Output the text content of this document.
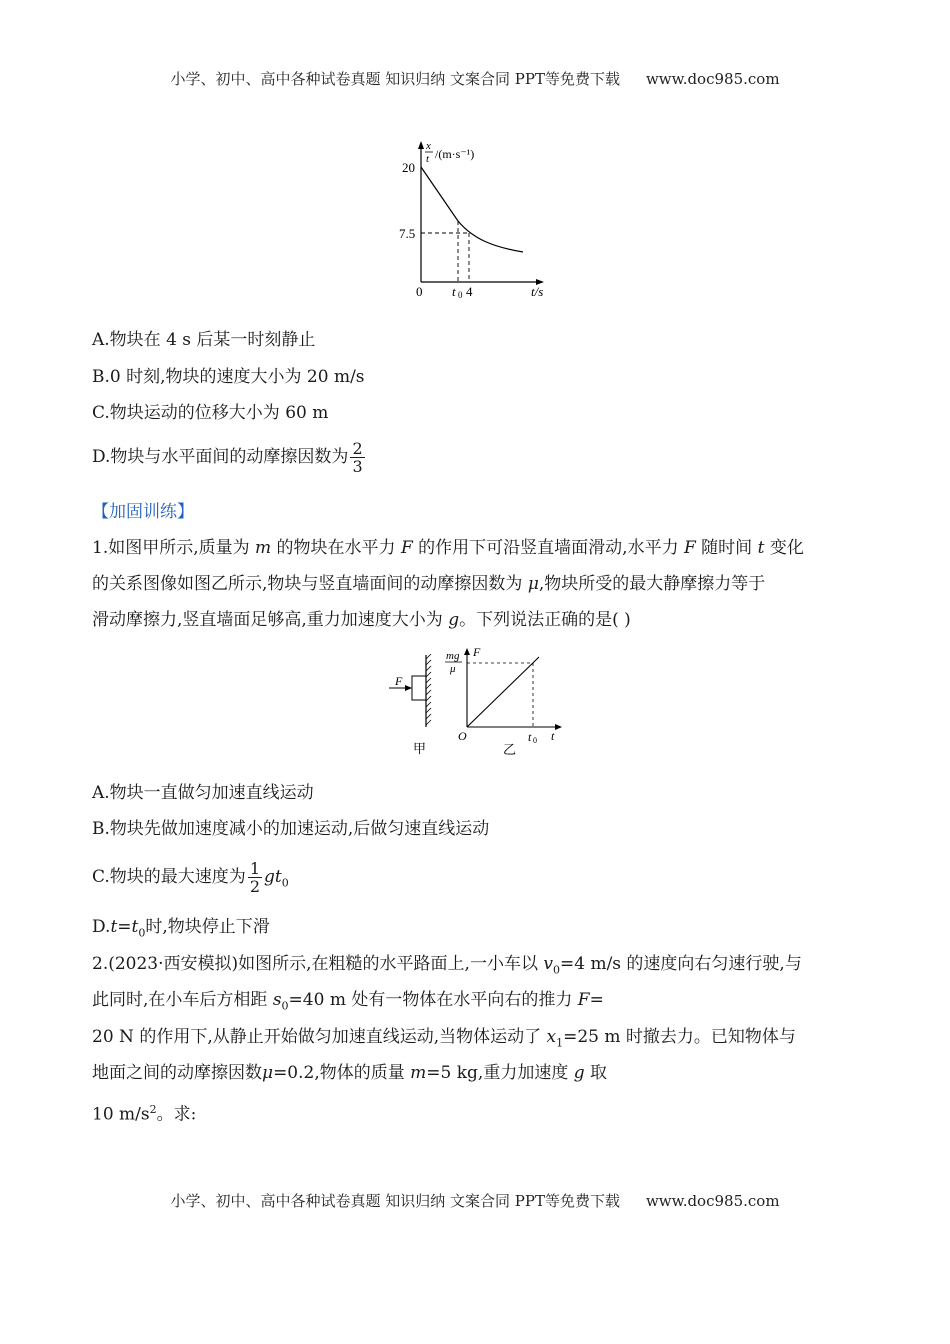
小学、初中、高中各种试卷真题 知识归纳 文案合同 PPT等免费下载 www.doc985.com
x
t /(m·s⁻¹)
20
7.5
0 t 0 4	t/s
A.物块在 4 s 后某一时刻静止
B.0 时刻,物块的速度大小为 20 m/s
C.物块运动的位移大小为 60 m
D.物块与水平面间的动摩擦因数为 $\frac{2}{3}$
【加固训练】
1.如图甲所示,质量为 m 的物块在水平力 F 的作用下可沿竖直墙面滑动,水平力 F 随时间 t 变化
的关系图像如图乙所示,物块与竖直墙面间的动摩擦因数为 μ,物块所受的最大静摩擦力等于
滑动摩擦力,竖直墙面足够高,重力加速度大小为 g。下列说法正确的是( )
F
甲
mg
μ
F
O	t 0 t
乙
A.物块一直做匀加速直线运动
B.物块先做加速度减小的加速运动,后做匀速直线运动
C.物块的最大速度为 $\frac{1}{2} gt_0$
$D.t=t_0$时,物块停止下滑
2.(2023·西安模拟)如图所示,在粗糙的水平路面上,一小车以 $v_0=4$ m/s 的速度向右匀速行驶,与
此同时,在小车后方相距 $s_0=40$ m 处有一物体在水平向右的推力 F=
20 N 的作用下,从静止开始做匀加速直线运动,当物体运动了 $x_1=25$ m 时撤去力。已知物体与
地面之间的动摩擦因数μ=0.2,物体的质量 m=5 kg,重力加速度 g 取
10 $m/s^2$。求:
小学、初中、高中各种试卷真题 知识归纳 文案合同 PPT等免费下载 www.doc985.com
